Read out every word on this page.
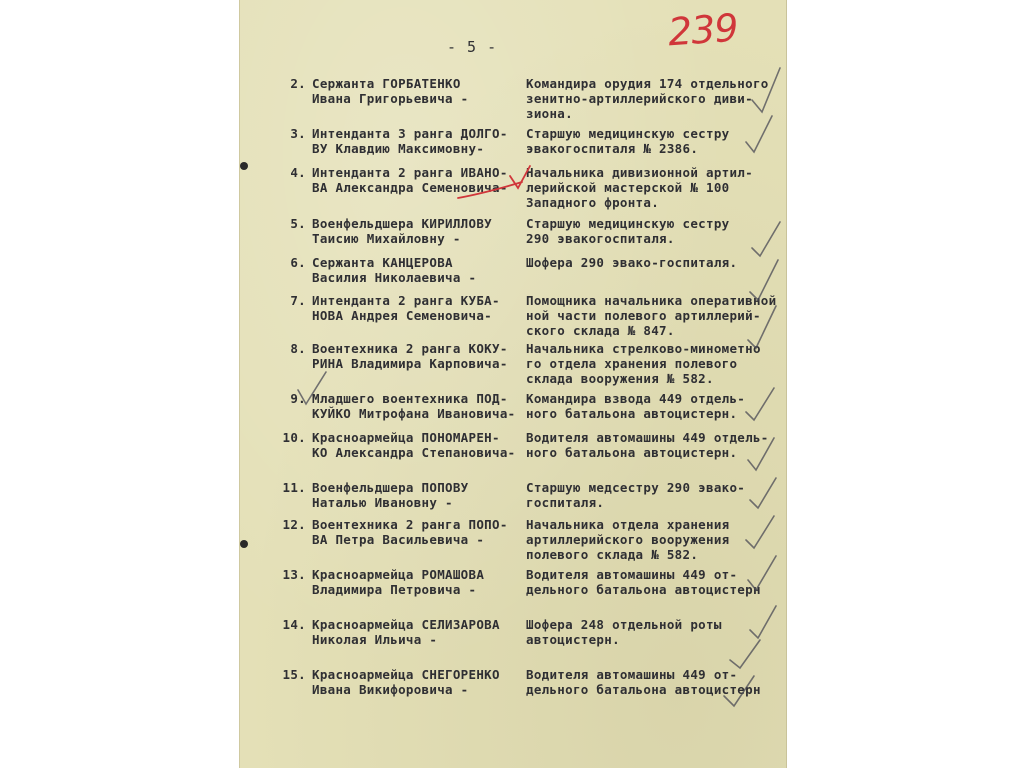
- 5 -	239
2. Сержанта ГОРБАТЕНКО
Ивана Григорьевича -
Командира орудия 174 отдельного
зенитно-артиллерийского диви-
зиона.
3. Интенданта 3 ранга ДОЛГО-
ВУ Клавдию Максимовну-
Старшую медицинскую сестру
эвакогоспиталя № 2386.
4. Интенданта 2 ранга ИВАНО-
ВА Александра Семеновича-
Начальника дивизионной артил-
лерийской мастерской № 100
Западного фронта.
5. Военфельдшера КИРИЛЛОВУ
Таисию Михайловну -
Старшую медицинскую сестру
290 эвакогоспиталя.
6. Сержанта КАНЦЕРОВА
Василия Николаевича -
Шофера 290 эвако-госпиталя.
7. Интенданта 2 ранга КУБА-
НОВА Андрея Семеновича-
Помощника начальника оперативной
ной части полевого артиллерий-
ского склада № 847.
8. Воентехника 2 ранга КОКУ-
РИНА Владимира Карповича-
Начальника стрелково-минометно
го отдела хранения полевого
склада вооружения № 582.
9. Младшего воентехника ПОД-
КУЙКО Митрофана Ивановича-
Командира взвода 449 отдель-
ного батальона автоцистерн.
10. Красноармейца ПОНОМАРЕН-
КО Александра Степановича-
Водителя автомашины 449 отдель-
ного батальона автоцистерн.
11. Военфельдшера ПОПОВУ
Наталью Ивановну -
Старшую медсестру 290 эвако-
госпиталя.
12. Воентехника 2 ранга ПОПО-
ВА Петра Васильевича -
Начальника отдела хранения
артиллерийского вооружения
полевого склада № 582.
13. Красноармейца РОМАШОВА
Владимира Петровича -
Водителя автомашины 449 от-
дельного батальона автоцистерн
14. Красноармейца СЕЛИЗАРОВА
Николая Ильича -
Шофера 248 отдельной роты
автоцистерн.
15. Красноармейца СНЕГОРЕНКО
Ивана Викифоровича -
Водителя автомашины 449 от-
дельного батальона автоцистерн
